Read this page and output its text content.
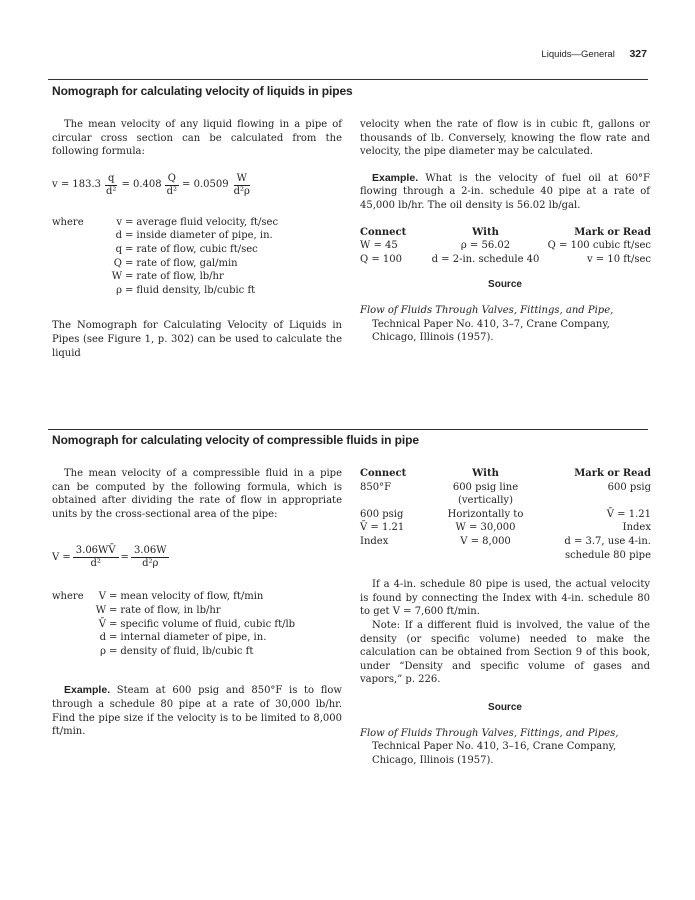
Liquids—General 327
Nomograph for calculating velocity of liquids in pipes

The mean velocity of any liquid flowing in a pipe of circular cross section can be calculated from the following formula:

$v = 183.3 \frac{q}{\text{d²}} = 0.408 \frac{Q}{\text{d²}} = 0.0509 \frac{W}{\text{d²ρ}}$
where	v = average fluid velocity, ft/sec
d = inside diameter of pipe, in.
q = rate of flow, cubic ft/sec
Q = rate of flow, gal/min
W = rate of flow, lb/hr
ρ = fluid density, lb/cubic ft

The Nomograph for Calculating Velocity of Liquids in Pipes (see Figure 1, p. 302) can be used to calculate the liquid

velocity when the rate of flow is in cubic ft, gallons or thousands of lb. Conversely, knowing the flow rate and velocity, the pipe diameter may be calculated.

Example. What is the velocity of fuel oil at 60°F flowing through a 2-in. schedule 40 pipe at a rate of 45,000 lb/hr. The oil density is 56.02 lb/gal.

Connect	With	Mark or Read
W = 45	ρ = 56.02	Q = 100 cubic ft/sec
Q = 100	d = 2-in. schedule 40	v = 10 ft/sec
Source

Flow of Fluids Through Valves, Fittings, and Pipe, Technical Paper No. 410, 3–7, Crane Company, Chicago, Illinois (1957).

Nomograph for calculating velocity of compressible fluids in pipe

The mean velocity of a compressible fluid in a pipe can be computed by the following formula, which is obtained after dividing the rate of flow in appropriate units by the cross-sectional area of the pipe:

$V = \frac{3.06WV̄}{\text{d²}} = \frac{3.06W}{\text{d²ρ}}$
where	V = mean velocity of flow, ft/min
W = rate of flow, in lb/hr
V̄ = specific volume of fluid, cubic ft/lb
d = internal diameter of pipe, in.
ρ = density of fluid, lb/cubic ft

Example. Steam at 600 psig and 850°F is to flow through a schedule 80 pipe at a rate of 30,000 lb/hr. Find the pipe size if the velocity is to be limited to 8,000 ft/min.

Connect	With	Mark or Read
850°F	600 psig line (vertically)	600 psig
600 psig	Horizontally to	V̄ = 1.21
V̄ = 1.21	W = 30,000	Index
Index	V = 8,000	d = 3.7, use 4-in.
		schedule 80 pipe

If a 4-in. schedule 80 pipe is used, the actual velocity is found by connecting the Index with 4-in. schedule 80 to get V = 7,600 ft/min.

Note: If a different fluid is involved, the value of the density (or specific volume) needed to make the calculation can be obtained from Section 9 of this book, under “Density and specific volume of gases and vapors,” p. 226.

Source

Flow of Fluids Through Valves, Fittings, and Pipes, Technical Paper No. 410, 3–16, Crane Company, Chicago, Illinois (1957).
